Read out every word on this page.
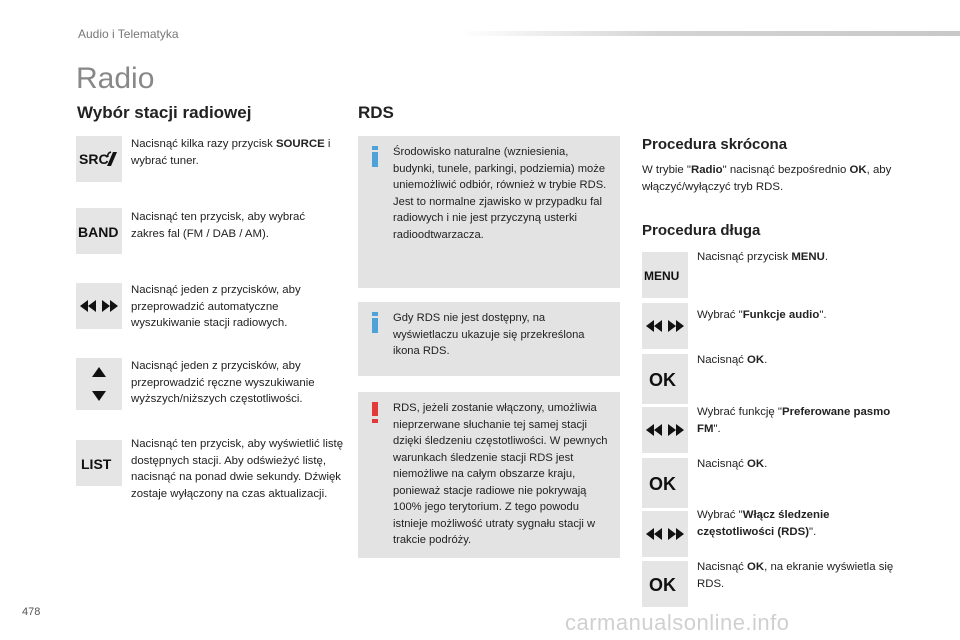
Audio i Telematyka
Radio
Wybór stacji radiowej
SRC
Nacisnąć kilka razy przycisk SOURCE i wybrać tuner.
BAND
Nacisnąć ten przycisk, aby wybrać zakres fal (FM / DAB / AM).
Nacisnąć jeden z przycisków, aby przeprowadzić automatyczne wyszukiwanie stacji radiowych.
Nacisnąć jeden z przycisków, aby przeprowadzić ręczne wyszukiwanie wyższych/niższych częstotliwości.
LIST
Nacisnąć ten przycisk, aby wyświetlić listę dostępnych stacji. Aby odświeżyć listę, nacisnąć na ponad dwie sekundy. Dźwięk zostaje wyłączony na czas aktualizacji.
RDS
Środowisko naturalne (wzniesienia, budynki, tunele, parkingi, podziemia) może uniemożliwić odbiór, również w trybie RDS. Jest to normalne zjawisko w przypadku fal radiowych i nie jest przyczyną usterki radioodtwarzacza.
Gdy RDS nie jest dostępny, na wyświetlaczu ukazuje się przekreślona ikona RDS.
RDS, jeżeli zostanie włączony, umożliwia nieprzerwane słuchanie tej samej stacji dzięki śledzeniu częstotliwości. W pewnych warunkach śledzenie stacji RDS jest niemożliwe na całym obszarze kraju, ponieważ stacje radiowe nie pokrywają 100% jego terytorium. Z tego powodu istnieje możliwość utraty sygnału stacji w trakcie podróży.
Procedura skrócona
W trybie "Radio" nacisnąć bezpośrednio OK, aby włączyć/wyłączyć tryb RDS.
Procedura długa
MENU
Nacisnąć przycisk MENU.
Wybrać "Funkcje audio".
OK
Nacisnąć OK.
Wybrać funkcję "Preferowane pasmo FM".
OK
Nacisnąć OK.
Wybrać "Włącz śledzenie częstotliwości (RDS)".
OK
Nacisnąć OK, na ekranie wyświetla się RDS.
478	carmanualsonline.info
